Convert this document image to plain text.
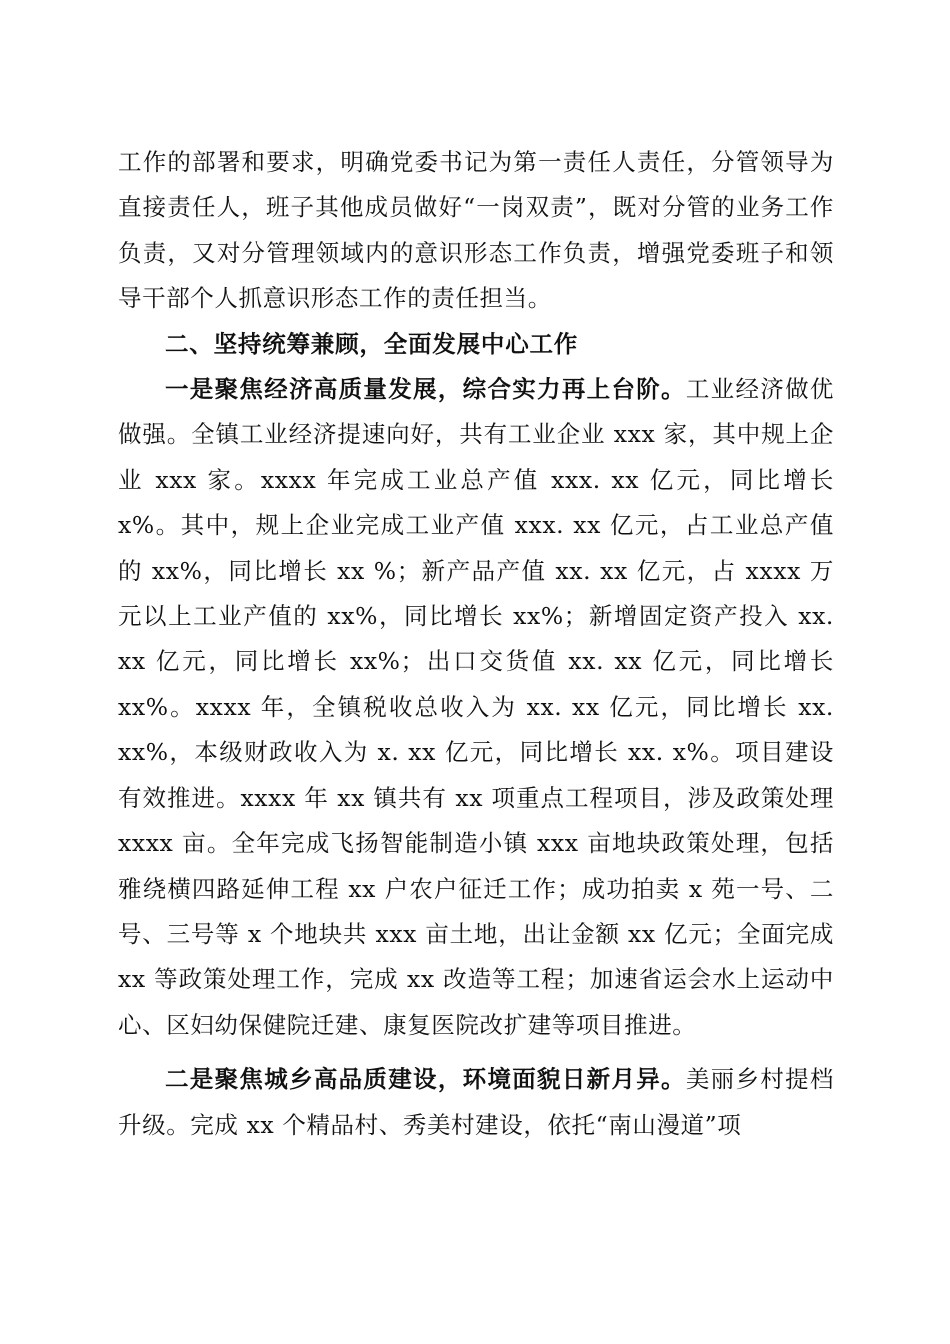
工作的部署和要求，明确党委书记为第一责任人责任，分管领导为直接责任人，班子其他成员做好“一岗双责”，既对分管的业务工作负责，又对分管理领域内的意识形态工作负责，增强党委班子和领导干部个人抓意识形态工作的责任担当。

二、坚持统筹兼顾，全面发展中心工作

一是聚焦经济高质量发展，综合实力再上台阶。工业经济做优做强。全镇工业经济提速向好，共有工业企业 xxx 家，其中规上企业 xxx 家。xxxx 年完成工业总产值 xxx. xx 亿元，同比增长 x%。其中，规上企业完成工业产值 xxx. xx 亿元，占工业总产值的 xx%，同比增长 xx %；新产品产值 xx. xx 亿元，占 xxxx 万元以上工业产值的 xx%，同比增长 xx%；新增固定资产投入 xx. xx 亿元，同比增长 xx%；出口交货值 xx. xx 亿元，同比增长 xx%。xxxx 年，全镇税收总收入为 xx. xx 亿元，同比增长 xx. xx%，本级财政收入为 x. xx 亿元，同比增长 xx. x%。项目建设有效推进。xxxx 年 xx 镇共有 xx 项重点工程项目，涉及政策处理 xxxx 亩。全年完成飞扬智能制造小镇 xxx 亩地块政策处理，包括雅绕横四路延伸工程 xx 户农户征迁工作；成功拍卖 x 苑一号、二号、三号等 x 个地块共 xxx 亩土地，出让金额 xx 亿元；全面完成 xx 等政策处理工作，完成 xx 改造等工程；加速省运会水上运动中心、区妇幼保健院迁建、康复医院改扩建等项目推进。

二是聚焦城乡高品质建设，环境面貌日新月异。美丽乡村提档升级。完成 xx 个精品村、秀美村建设，依托“南山漫道”项
